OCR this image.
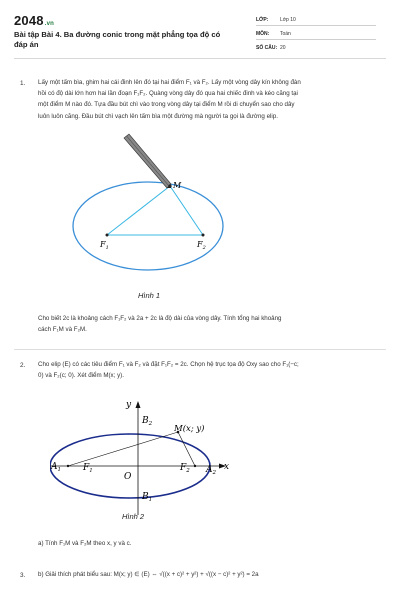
2048.vn
Bài tập Bài 4. Ba đường conic trong mặt phẳng tọa độ có
đáp án
LỚP: Lớp 10
MÔN: Toán
SỐ CÂU: 20
1. Lấy một tấm bìa, ghim hai cái đinh lên đó tại hai điểm F₁ và F₂. Lấy một vòng dây kín không đàn
hồi có độ dài lớn hơn hai lần đoạn F₁F₂. Quàng vòng dây đó qua hai chiếc đinh và kéo căng tại
một điểm M nào đó. Tựa đầu bút chì vào trong vòng dây tại điểm M rồi di chuyển sao cho dây
luôn luôn căng. Đầu bút chì vạch lên tấm bìa một đường mà người ta gọi là đường elip.
M
$F_1$	$F_2$
Hình 1
Cho biết 2c là khoảng cách F₁F₂ và 2a + 2c là độ dài của vòng dây. Tính tổng hai khoảng
cách F₁M và F₂M.
2. Cho elip (E) có các tiêu điểm F₁ và F₂ và đặt F₁F₂ = 2c. Chọn hệ trục tọa độ Oxy sao cho F₁(−c;
0) và F₂(c; 0). Xét điểm M(x; y).
y
x
O
$B_2$
$B_1$
$A_1$	$A_2$
$F_1$	$F_2$
M(x; y)
Hình 2
a) Tính F₁M và F₂M theo x, y và c.
3. b) Giải thích phát biểu sau: M(x; y) ∈ (E) ⇔ √((x + c)² + y²) + √((x − c)² + y²) = 2a
